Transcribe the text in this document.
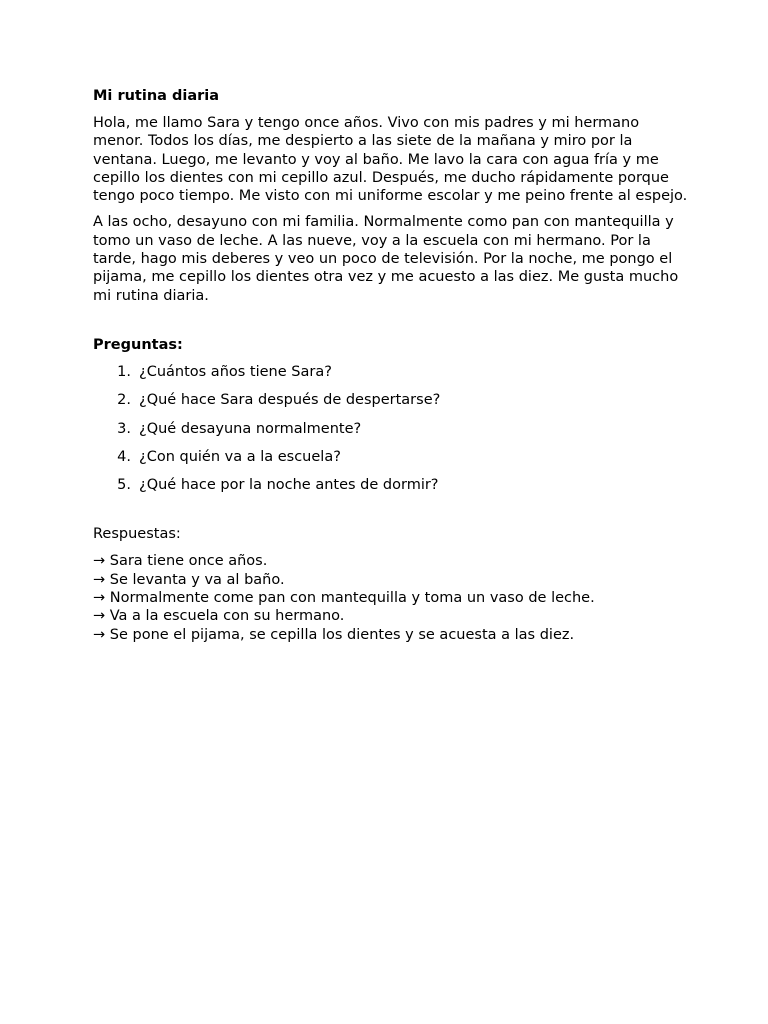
Mi rutina diaria

Hola, me llamo Sara y tengo once años. Vivo con mis padres y mi hermano menor. Todos los días, me despierto a las siete de la mañana y miro por la ventana. Luego, me levanto y voy al baño. Me lavo la cara con agua fría y me cepillo los dientes con mi cepillo azul. Después, me ducho rápidamente porque tengo poco tiempo. Me visto con mi uniforme escolar y me peino frente al espejo.

A las ocho, desayuno con mi familia. Normalmente como pan con mantequilla y tomo un vaso de leche. A las nueve, voy a la escuela con mi hermano. Por la tarde, hago mis deberes y veo un poco de televisión. Por la noche, me pongo el pijama, me cepillo los dientes otra vez y me acuesto a las diez. Me gusta mucho mi rutina diaria.

Preguntas:
1. ¿Cuántos años tiene Sara?
2. ¿Qué hace Sara después de despertarse?
3. ¿Qué desayuna normalmente?
4. ¿Con quién va a la escuela?
5. ¿Qué hace por la noche antes de dormir?
Respuestas:
→ Sara tiene once años.
→ Se levanta y va al baño.
→ Normalmente come pan con mantequilla y toma un vaso de leche.
→ Va a la escuela con su hermano.
→ Se pone el pijama, se cepilla los dientes y se acuesta a las diez.
